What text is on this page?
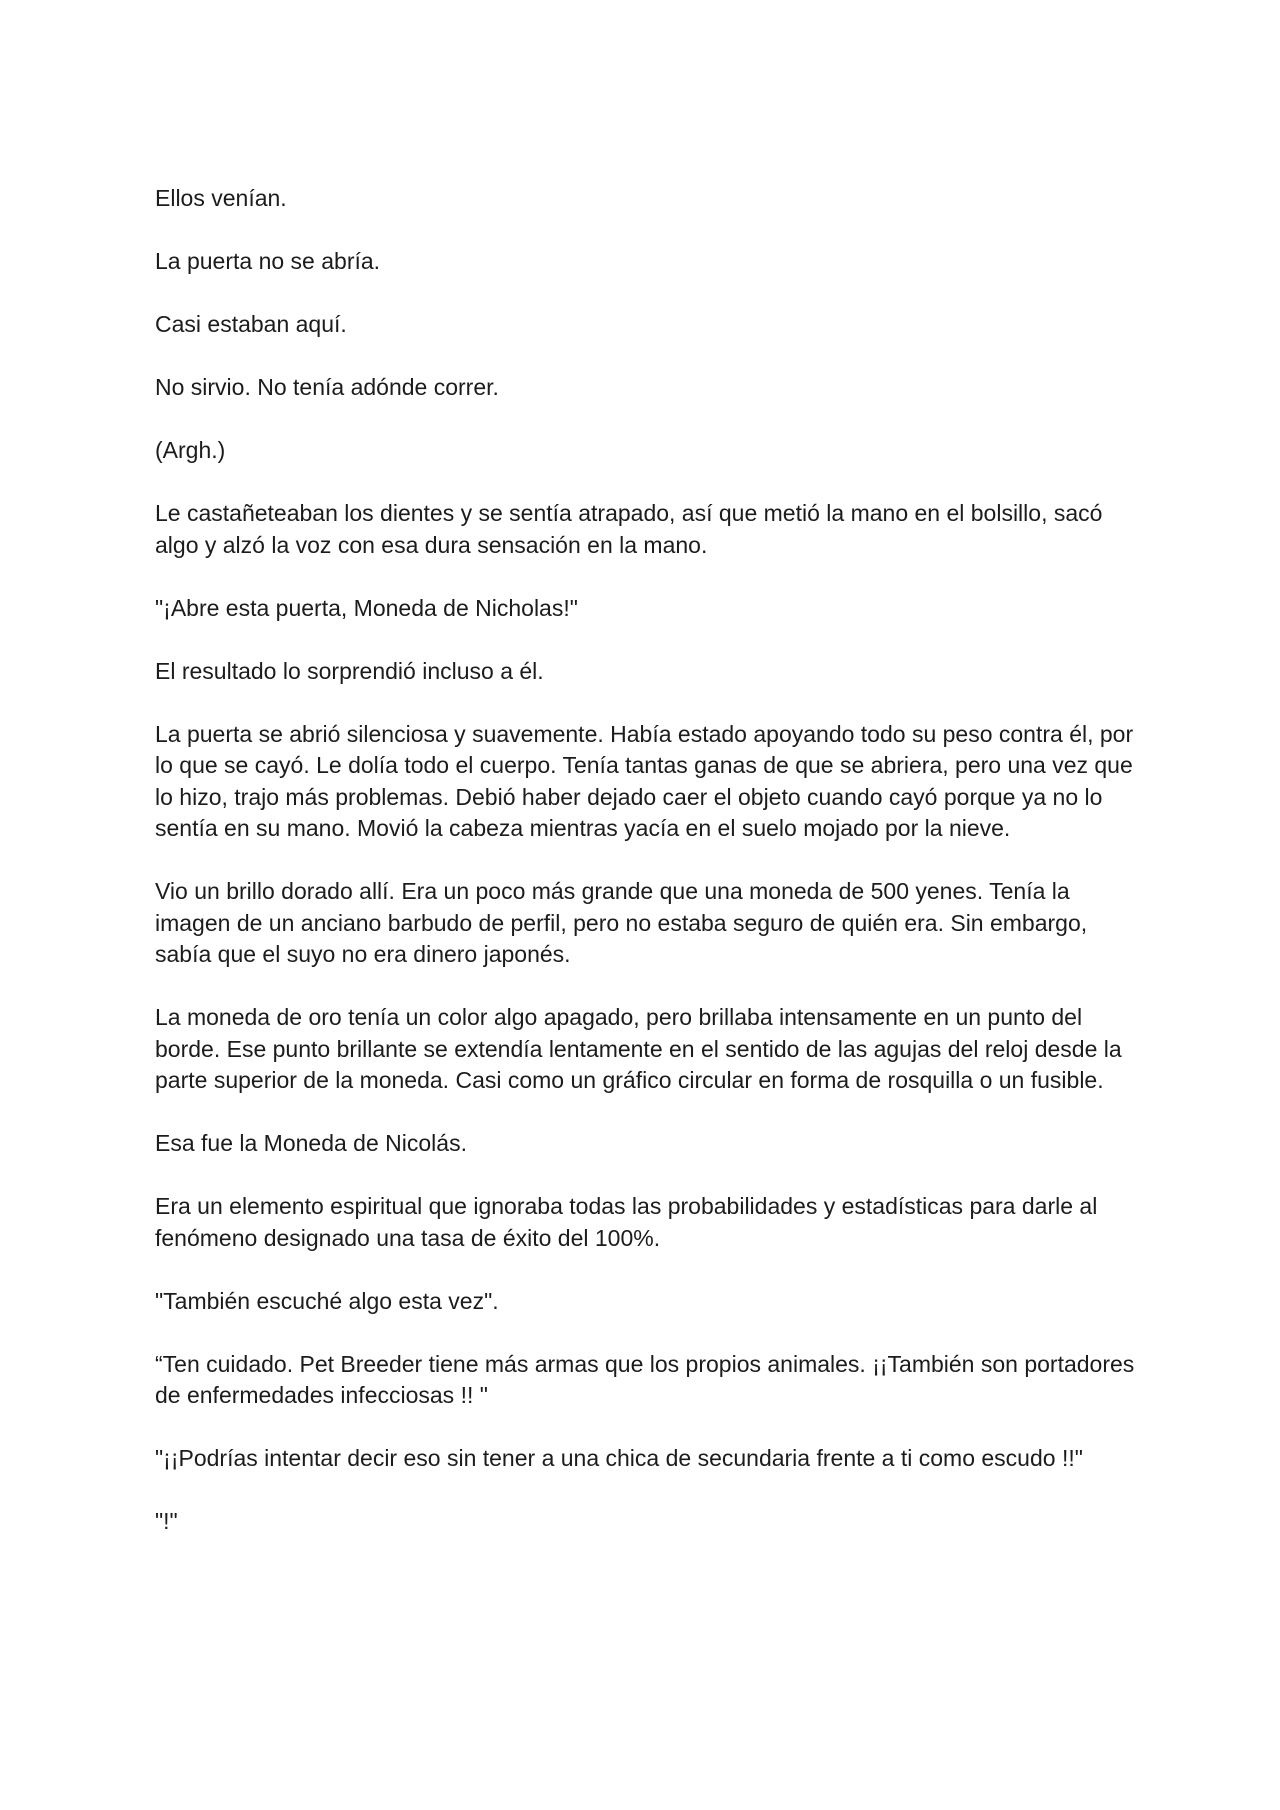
Ellos venían.

La puerta no se abría.

Casi estaban aquí.

No sirvio. No tenía adónde correr.

(Argh.)

Le castañeteaban los dientes y se sentía atrapado, así que metió la mano en el bolsillo, sacó algo y alzó la voz con esa dura sensación en la mano.

"¡Abre esta puerta, Moneda de Nicholas!"

El resultado lo sorprendió incluso a él.

La puerta se abrió silenciosa y suavemente. Había estado apoyando todo su peso contra él, por lo que se cayó. Le dolía todo el cuerpo. Tenía tantas ganas de que se abriera, pero una vez que lo hizo, trajo más problemas. Debió haber dejado caer el objeto cuando cayó porque ya no lo sentía en su mano. Movió la cabeza mientras yacía en el suelo mojado por la nieve.

Vio un brillo dorado allí. Era un poco más grande que una moneda de 500 yenes. Tenía la imagen de un anciano barbudo de perfil, pero no estaba seguro de quién era. Sin embargo, sabía que el suyo no era dinero japonés.

La moneda de oro tenía un color algo apagado, pero brillaba intensamente en un punto del borde. Ese punto brillante se extendía lentamente en el sentido de las agujas del reloj desde la parte superior de la moneda. Casi como un gráfico circular en forma de rosquilla o un fusible.

Esa fue la Moneda de Nicolás.

Era un elemento espiritual que ignoraba todas las probabilidades y estadísticas para darle al fenómeno designado una tasa de éxito del 100%.

"También escuché algo esta vez".

“Ten cuidado. Pet Breeder tiene más armas que los propios animales. ¡¡También son portadores de enfermedades infecciosas !! "

"¡¡Podrías intentar decir eso sin tener a una chica de secundaria frente a ti como escudo !!"

"!"
